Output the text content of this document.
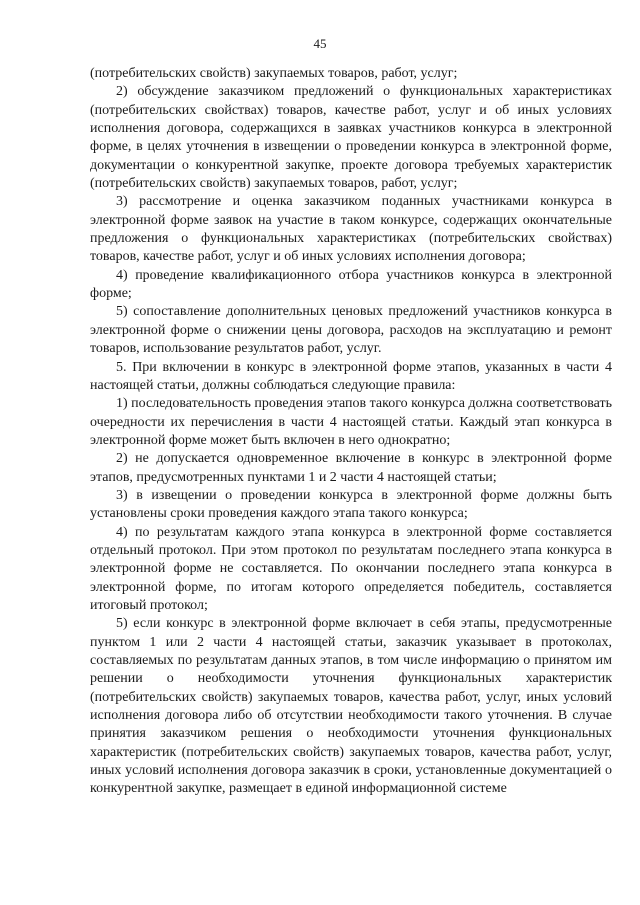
45

(потребительских свойств) закупаемых товаров, работ, услуг;

2) обсуждение заказчиком предложений о функциональных характеристиках (потребительских свойствах) товаров, качестве работ, услуг и об иных условиях исполнения договора, содержащихся в заявках участников конкурса в электронной форме, в целях уточнения в извещении о проведении конкурса в электронной форме, документации о конкурентной закупке, проекте договора требуемых характеристик (потребительских свойств) закупаемых товаров, работ, услуг;

3) рассмотрение и оценка заказчиком поданных участниками конкурса в электронной форме заявок на участие в таком конкурсе, содержащих окончательные предложения о функциональных характеристиках (потребительских свойствах) товаров, качестве работ, услуг и об иных условиях исполнения договора;

4) проведение квалификационного отбора участников конкурса в электронной форме;

5) сопоставление дополнительных ценовых предложений участников конкурса в электронной форме о снижении цены договора, расходов на эксплуатацию и ремонт товаров, использование результатов работ, услуг.

5. При включении в конкурс в электронной форме этапов, указанных в части 4 настоящей статьи, должны соблюдаться следующие правила:

1) последовательность проведения этапов такого конкурса должна соответствовать очередности их перечисления в части 4 настоящей статьи. Каждый этап конкурса в электронной форме может быть включен в него однократно;

2) не допускается одновременное включение в конкурс в электронной форме этапов, предусмотренных пунктами 1 и 2 части 4 настоящей статьи;

3) в извещении о проведении конкурса в электронной форме должны быть установлены сроки проведения каждого этапа такого конкурса;

4) по результатам каждого этапа конкурса в электронной форме составляется отдельный протокол. При этом протокол по результатам последнего этапа конкурса в электронной форме не составляется. По окончании последнего этапа конкурса в электронной форме, по итогам которого определяется победитель, составляется итоговый протокол;

5) если конкурс в электронной форме включает в себя этапы, предусмотренные пунктом 1 или 2 части 4 настоящей статьи, заказчик указывает в протоколах, составляемых по результатам данных этапов, в том числе информацию о принятом им решении о необходимости уточнения функциональных характеристик (потребительских свойств) закупаемых товаров, качества работ, услуг, иных условий исполнения договора либо об отсутствии необходимости такого уточнения. В случае принятия заказчиком решения о необходимости уточнения функциональных характеристик (потребительских свойств) закупаемых товаров, качества работ, услуг, иных условий исполнения договора заказчик в сроки, установленные документацией о конкурентной закупке, размещает в единой информационной системе
